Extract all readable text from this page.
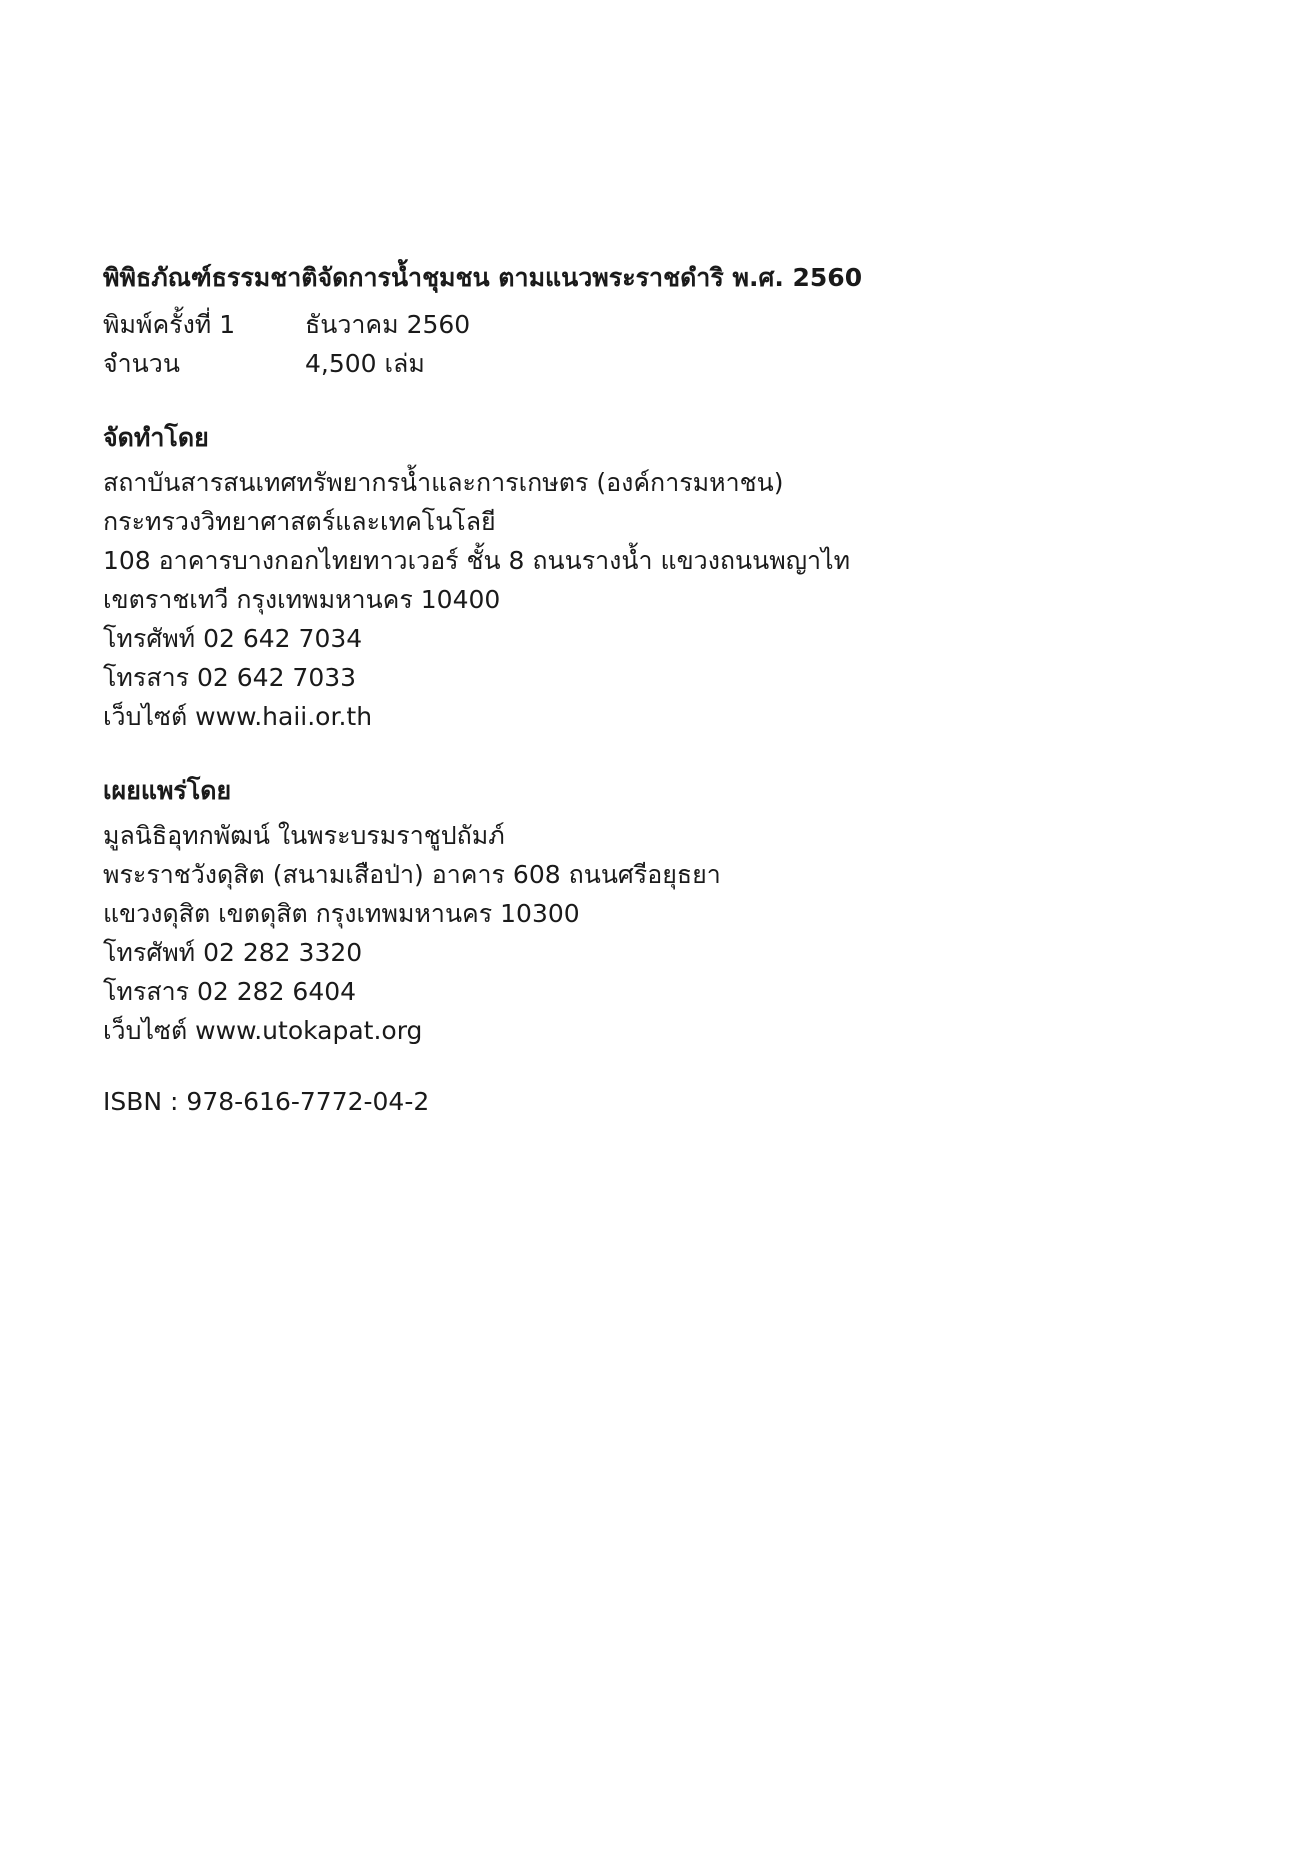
พิพิธภัณฑ์ธรรมชาติจัดการน้ำชุมชน ตามแนวพระราชดำริ พ.ศ. 2560
พิมพ์ครั้งที่ 1	ธันวาคม 2560
จำนวน	4,500 เล่ม
จัดทำโดย
สถาบันสารสนเทศทรัพยากรน้ำและการเกษตร (องค์การมหาชน)
กระทรวงวิทยาศาสตร์และเทคโนโลยี
108 อาคารบางกอกไทยทาวเวอร์ ชั้น 8 ถนนรางน้ำ แขวงถนนพญาไท
เขตราชเทวี กรุงเทพมหานคร 10400
โทรศัพท์ 02 642 7034
โทรสาร 02 642 7033
เว็บไซต์ www.haii.or.th
เผยแพร่โดย
มูลนิธิอุทกพัฒน์ ในพระบรมราชูปถัมภ์
พระราชวังดุสิต (สนามเสือป่า) อาคาร 608 ถนนศรีอยุธยา
แขวงดุสิต เขตดุสิต กรุงเทพมหานคร 10300
โทรศัพท์ 02 282 3320
โทรสาร 02 282 6404
เว็บไซต์ www.utokapat.org
ISBN : 978-616-7772-04-2
